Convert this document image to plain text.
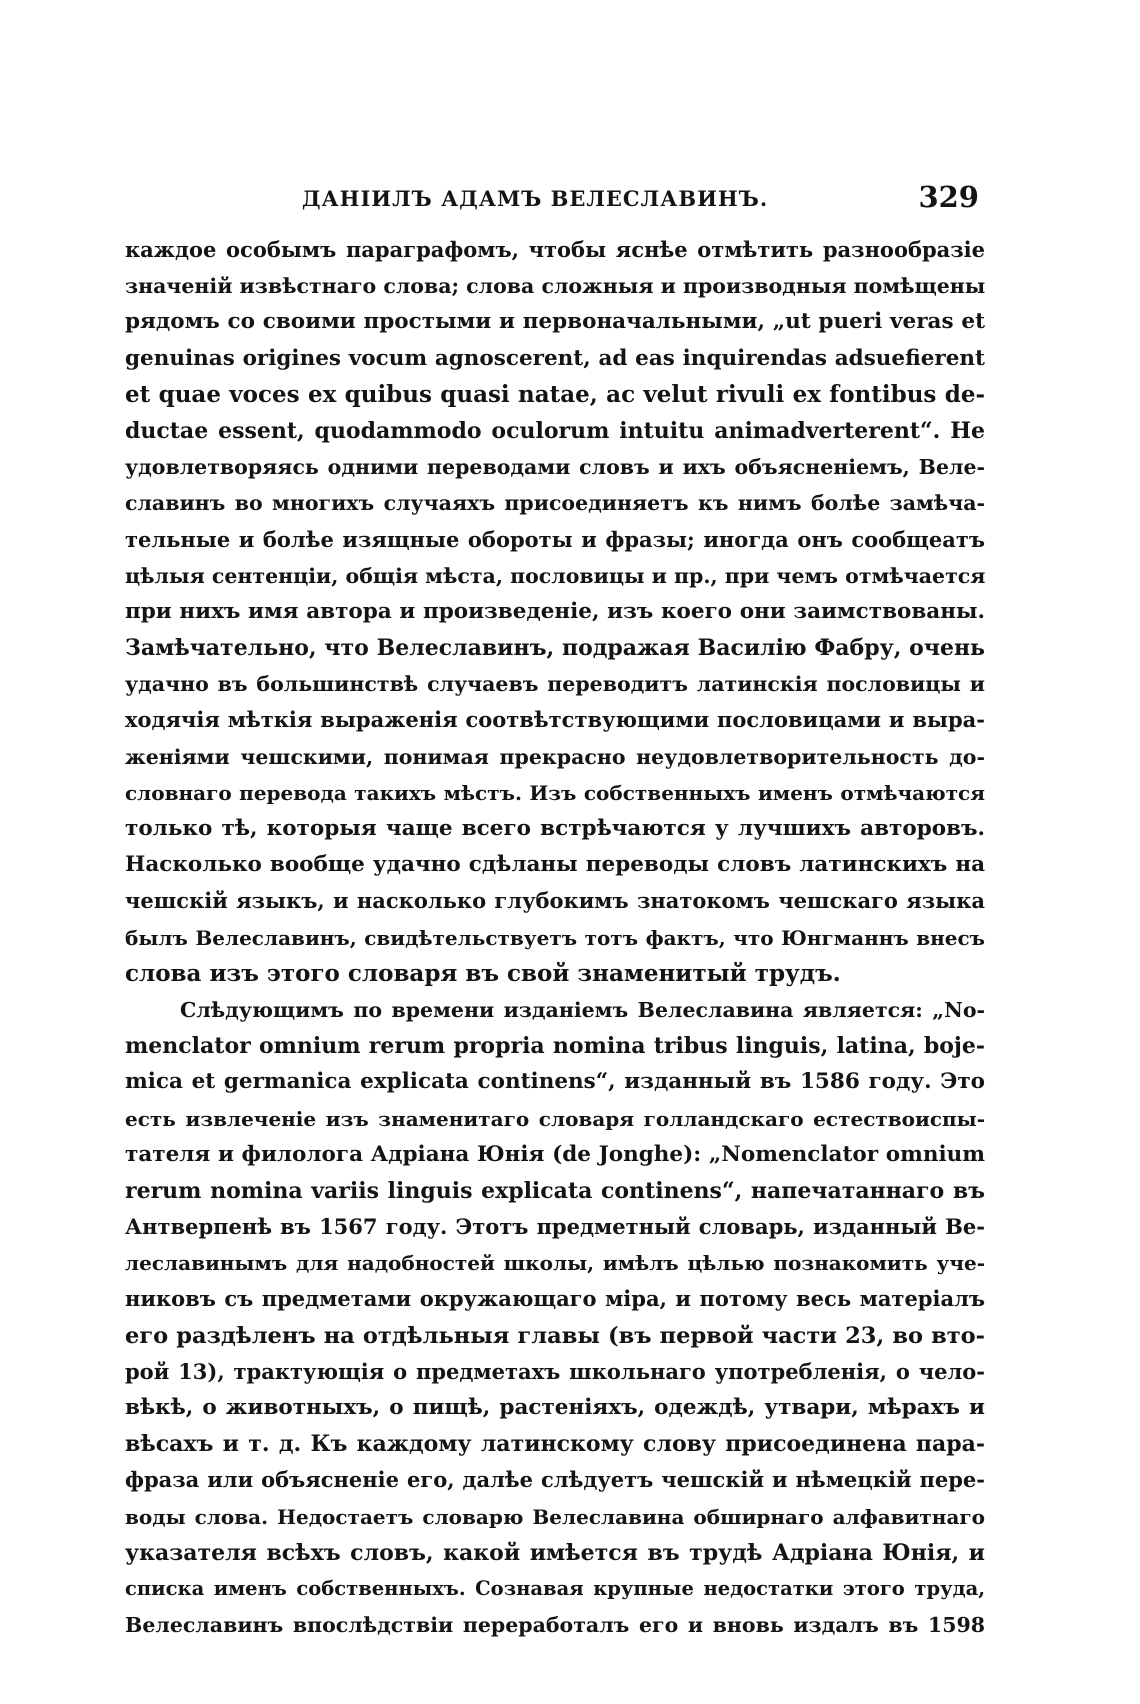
ДАНІИЛЪ АДАМЪ ВЕЛЕСЛАВИНЪ.	329
каждое особымъ параграфомъ, чтобы яснѣе отмѣтить разнообразіе
значеній извѣстнаго слова; слова сложныя и производныя помѣщены
рядомъ со своими простыми и первоначальными, „ut pueri veras et
genuinas origines vocum agnoscerent, ad eas inquirendas adsuefierent
et quae voces ex quibus quasi natae, ac velut rivuli ex fontibus de-
ductae essent, quodammodo oculorum intuitu animadverterent“. Не
удовлетворяясь одними переводами словъ и ихъ объясненіемъ, Веле-
славинъ во многихъ случаяхъ присоединяетъ къ нимъ болѣе замѣча-
тельные и болѣе изящные обороты и фразы; иногда онъ сообщеатъ
цѣлыя сентенціи, общія мѣста, пословицы и пр., при чемъ отмѣчается
при нихъ имя автора и произведеніе, изъ коего они заимствованы.
Замѣчательно, что Велеславинъ, подражая Василію Фабру, очень
удачно въ большинствѣ случаевъ переводитъ латинскія пословицы и
ходячія мѣткія выраженія соотвѣтствующими пословицами и выра-
женіями чешскими, понимая прекрасно неудовлетворительность до-
словнаго перевода такихъ мѣстъ. Изъ собственныхъ именъ отмѣчаются
только тѣ, которыя чаще всего встрѣчаются у лучшихъ авторовъ.
Насколько вообще удачно сдѣланы переводы словъ латинскихъ на
чешскій языкъ, и насколько глубокимъ знатокомъ чешскаго языка
былъ Велеславинъ, свидѣтельствуетъ тотъ фактъ, что Юнгманнъ внесъ
слова изъ этого словаря въ свой знаменитый трудъ.
Слѣдующимъ по времени изданіемъ Велеславина является: „No-
menclator omnium rerum propria nomina tribus linguis, latina, boje-
mica et germanica explicata continens“, изданный въ 1586 году. Это
есть извлеченіе изъ знаменитаго словаря голландскаго естествоиспы-
тателя и филолога Адріана Юнія (de Jonghe): „Nomenclator omnium
rerum nomina variis linguis explicata continens“, напечатаннаго въ
Антверпенѣ въ 1567 году. Этотъ предметный словарь, изданный Ве-
леславинымъ для надобностей школы, имѣлъ цѣлью познакомить уче-
никовъ съ предметами окружающаго міра, и потому весь матеріалъ
его раздѣленъ на отдѣльныя главы (въ первой части 23, во вто-
рой 13), трактующія о предметахъ школьнаго употребленія, о чело-
вѣкѣ, о животныхъ, о пищѣ, растеніяхъ, одеждѣ, утвари, мѣрахъ и
вѣсахъ и т. д. Къ каждому латинскому слову присоединена пара-
фраза или объясненіе его, далѣе слѣдуетъ чешскій и нѣмецкій пере-
воды слова. Недостаетъ словарю Велеславина обширнаго алфавитнаго
указателя всѣхъ словъ, какой имѣется въ трудѣ Адріана Юнія, и
списка именъ собственныхъ. Сознавая крупные недостатки этого труда,
Велеславинъ впослѣдствіи переработалъ его и вновь издалъ въ 1598
